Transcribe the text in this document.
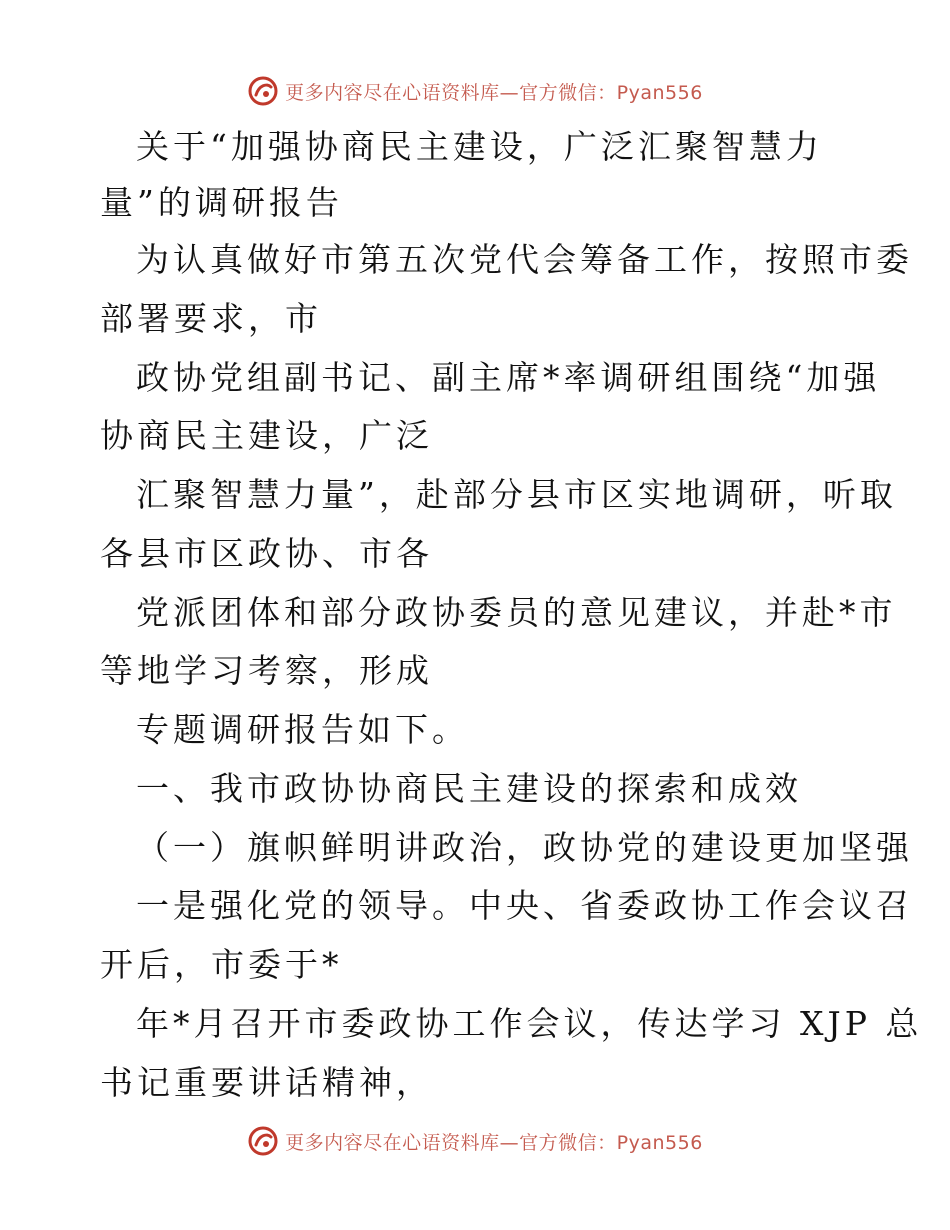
更多内容尽在心语资料库—官方微信：Pyan556
关于“加强协商民主建设，广泛汇聚智慧力
量”的调研报告
为认真做好市第五次党代会筹备工作，按照市委
部署要求，市
政协党组副书记、副主席*率调研组围绕“加强
协商民主建设，广泛
汇聚智慧力量”，赴部分县市区实地调研，听取
各县市区政协、市各
党派团体和部分政协委员的意见建议，并赴*市
等地学习考察，形成
专题调研报告如下。
一、我市政协协商民主建设的探索和成效
（一）旗帜鲜明讲政治，政协党的建设更加坚强
一是强化党的领导。中央、省委政协工作会议召
开后，市委于*
年*月召开市委政协工作会议，传达学习 XJP 总
书记重要讲话精神，
更多内容尽在心语资料库—官方微信：Pyan556
